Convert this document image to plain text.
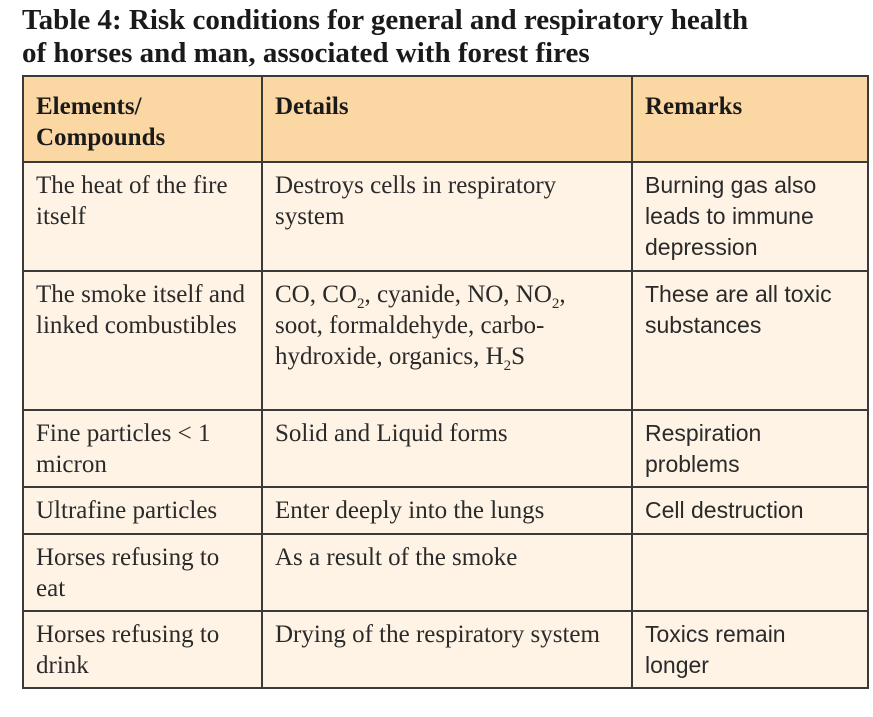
Table 4: Risk conditions for general and respiratory health
of horses and man, associated with forest fires
Elements/
Compounds	Details	Remarks
The heat of the fire itself	Destroys cells in respiratory system	Burning gas also leads to immune depression
The smoke itself and linked combustibles	CO, $CO_2$, cyanide, NO, $NO_2$, soot, formaldehyde, carbo-hydroxide, organics, $H_2S$	These are all toxic substances
Fine particles < 1 micron	Solid and Liquid forms	Respiration problems
Ultrafine particles	Enter deeply into the lungs	Cell destruction
Horses refusing to eat	As a result of the smoke	
Horses refusing to drink	Drying of the respiratory system	Toxics remain longer
